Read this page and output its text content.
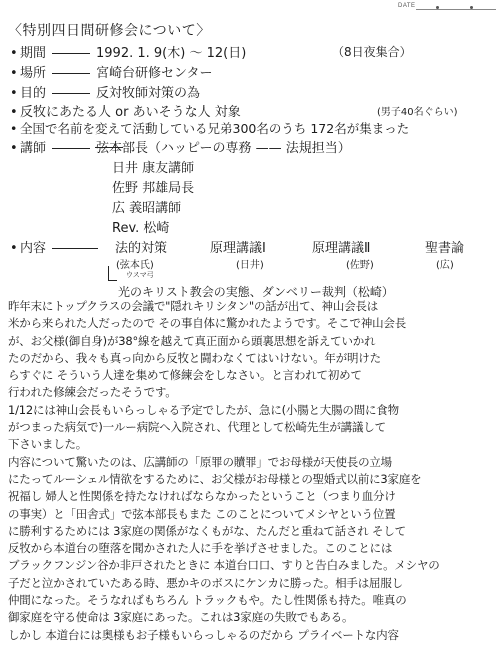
DATE
〈特別四日間研修会について〉
• 期間	1992. 1. 9(木) 〜 12(日)	（8日夜集合）
• 場所	宮崎台研修センター
• 目的	反対牧師対策の為
• 反牧にあたる人 or あいそうな人 対象	(男子40名ぐらい)
• 全国で名前を変えて活動している兄弟300名のうち 172名が集まった
• 講師	弦本部長（ハッピーの専務 —— 法規担当）
日井 康友講師
佐野 邦雄局長
広 義昭講師
Rev. 松崎
• 内容	法的対策	原理講議Ⅰ	原理講議Ⅱ	聖書論
(弦本氏)	(日井)	(佐野)	(広)
ウスマ弓
光のキリスト教会の実態、ダンベリー裁判（松崎）

昨年末にトップクラスの会議で"隠れキリシタン"の話が出て、神山会長は

米から来られた人だったので その事自体に驚かれたようです。そこで神山会長

が、お父様(御自身)が38°線を越えて真正面から頭裏思想を訴えていかれ

たのだから、我々も真っ向から反牧と闘わなくてはいけない。年が明けた

らすぐに そういう人達を集めて修練会をしなさい。と言われて初めて

行われた修練会だったそうです。

1/12には神山会長もいらっしゃる予定でしたが、急に(小腸と大腸の間に食物

がつまった病気で)一ルー病院へ入院され、代理として松崎先生が講議して

下さいました。

内容について驚いたのは、広講師の「原罪の贖罪」でお母様が天使長の立場

にたってルーシェル情欲をするために、お父様がお母様との聖婚式以前に3家庭を

祝福し 婦人と性関係を持たなければならなかったということ（つまり血分け

の事実）と「田舎式」で弦本部長もまた このことについてメシヤという位置

に勝利するためには 3家庭の関係がなくもがな、たんだと重ねて話され そして

反牧から本道台の堕落を聞かされた人に手を挙げさせました。このことには

ブラックフンジン谷か非戸されたときに 本道台口口、すりと告白みました。メシヤの

子だと泣かされていたある時、悪かキのボスにケンカに勝った。相手は屈服し

仲間になった。そうなればもちろん トラックもや。たし性関係も持た。唯真の

御家庭を守る使命は 3家庭にあった。これは3家庭の失敗でもある。

しかし 本道台には奥様もお子様もいらっしゃるのだから プライベートな内容
